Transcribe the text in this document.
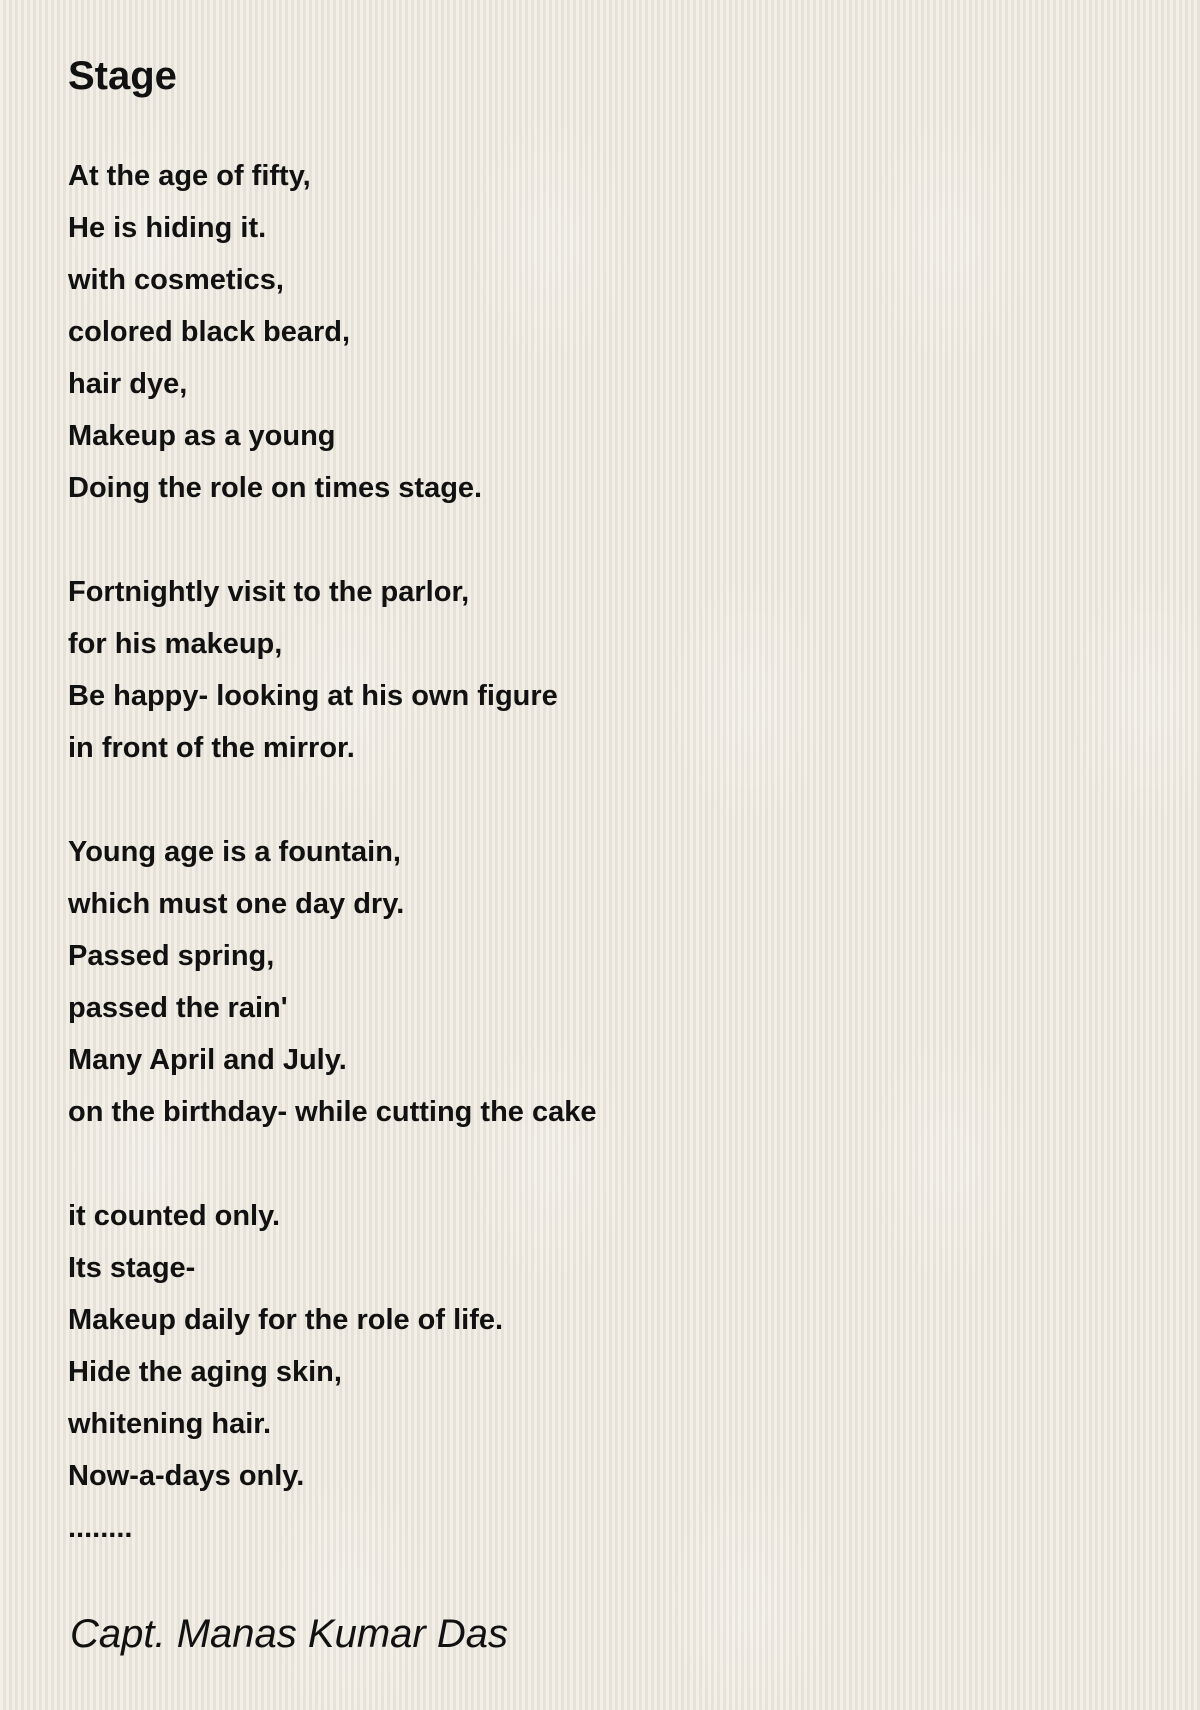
Stage
At the age of fifty,
He is hiding it.
with cosmetics,
colored black beard,
hair dye,
Makeup as a young
Doing the role on times stage.
Fortnightly visit to the parlor,
for his makeup,
Be happy- looking at his own figure
in front of the mirror.
Young age is a fountain,
which must one day dry.
Passed spring,
passed the rain'
Many April and July.
on the birthday- while cutting the cake
it counted only.
Its stage-
Makeup daily for the role of life.
Hide the aging skin,
whitening hair.
Now-a-days only.
........
Capt. Manas Kumar Das
